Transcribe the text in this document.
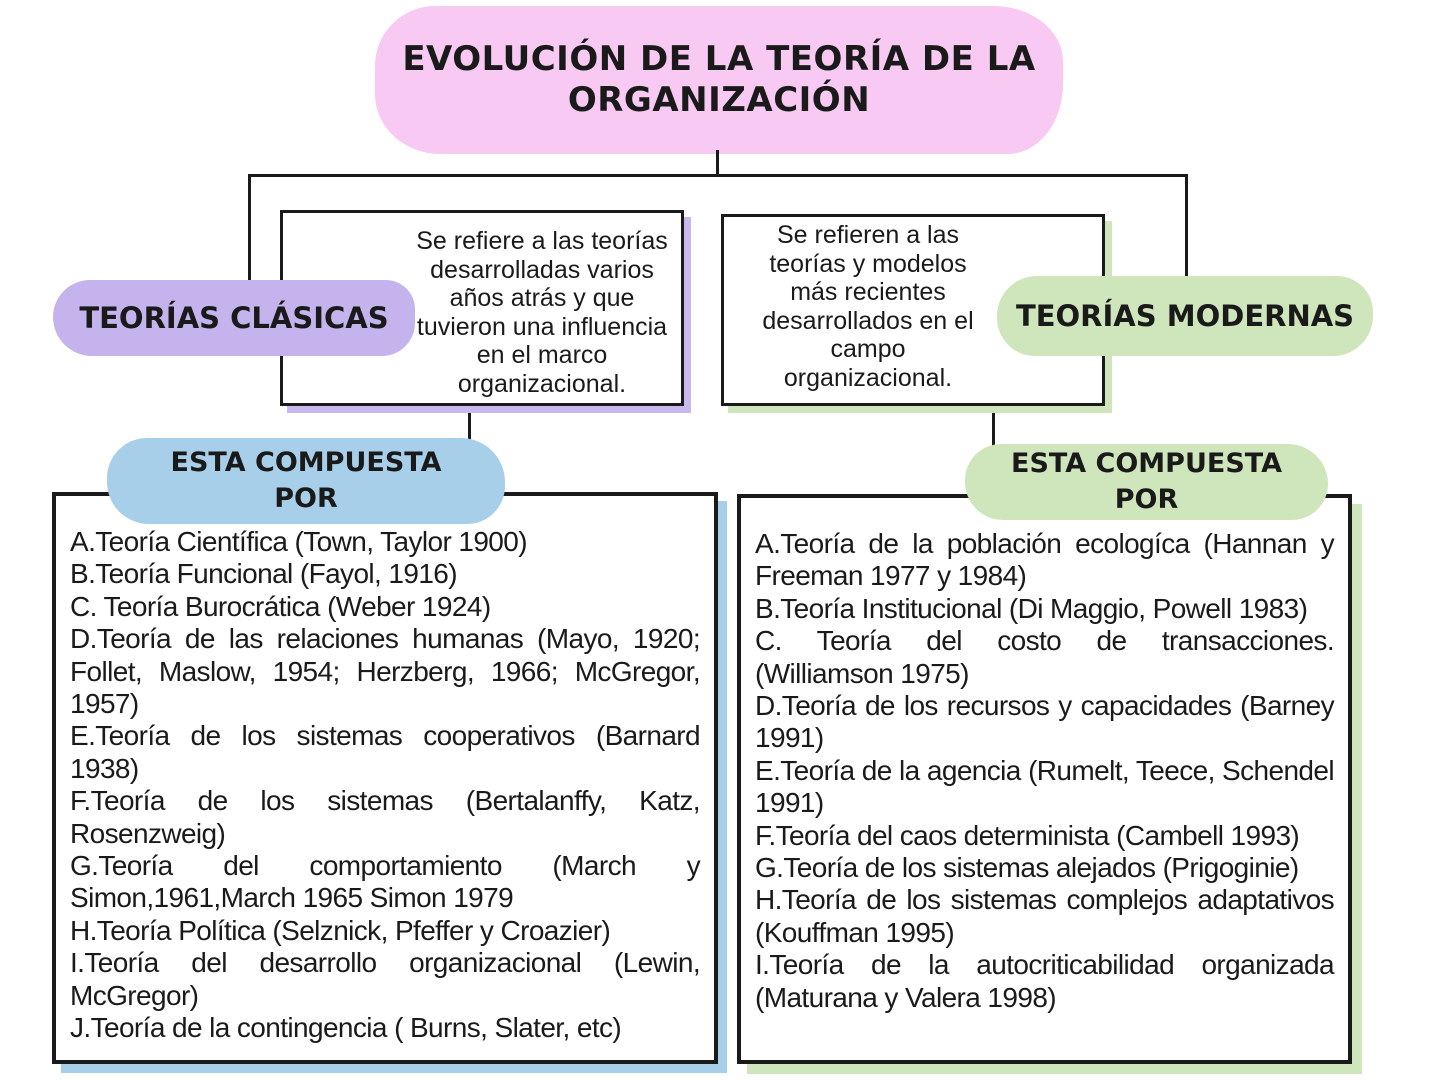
EVOLUCIÓN DE LA TEORÍA DE LA ORGANIZACIÓN
Se refiere a las teorías desarrolladas varios años atrás y que tuvieron una influencia en el marco organizacional.
Se refieren a las teorías y modelos más recientes desarrollados en el campo organizacional.
TEORÍAS CLÁSICAS	TEORÍAS MODERNAS
A.Teoría Científica (Town, Taylor 1900)
B.Teoría Funcional (Fayol, 1916)
C. Teoría Burocrática (Weber 1924)
D.Teoría de las relaciones humanas (Mayo, 1920; Follet, Maslow, 1954; Herzberg, 1966; McGregor, 1957)
E.Teoría de los sistemas cooperativos (Barnard 1938)
F.Teoría de los sistemas (Bertalanffy, Katz, Rosenzweig)
G.Teoría del comportamiento (March y Simon,1961,March 1965 Simon 1979
H.Teoría Política (Selznick, Pfeffer y Croazier)
I.Teoría del desarrollo organizacional (Lewin, McGregor)
J.Teoría de la contingencia ( Burns, Slater, etc)
A.Teoría de la población ecologíca (Hannan y Freeman 1977 y 1984)
B.Teoría Institucional (Di Maggio, Powell 1983)
C. Teoría del costo de transacciones. (Williamson 1975)
D.Teoría de los recursos y capacidades (Barney 1991)
E.Teoría de la agencia (Rumelt, Teece, Schendel 1991)
F.Teoría del caos determinista (Cambell 1993)
G.Teoría de los sistemas alejados (Prigoginie)
H.Teoría de los sistemas complejos adaptativos (Kouffman 1995)
I.Teoría de la autocriticabilidad organizada (Maturana y Valera 1998)
ESTA COMPUESTA POR
ESTA COMPUESTA POR
